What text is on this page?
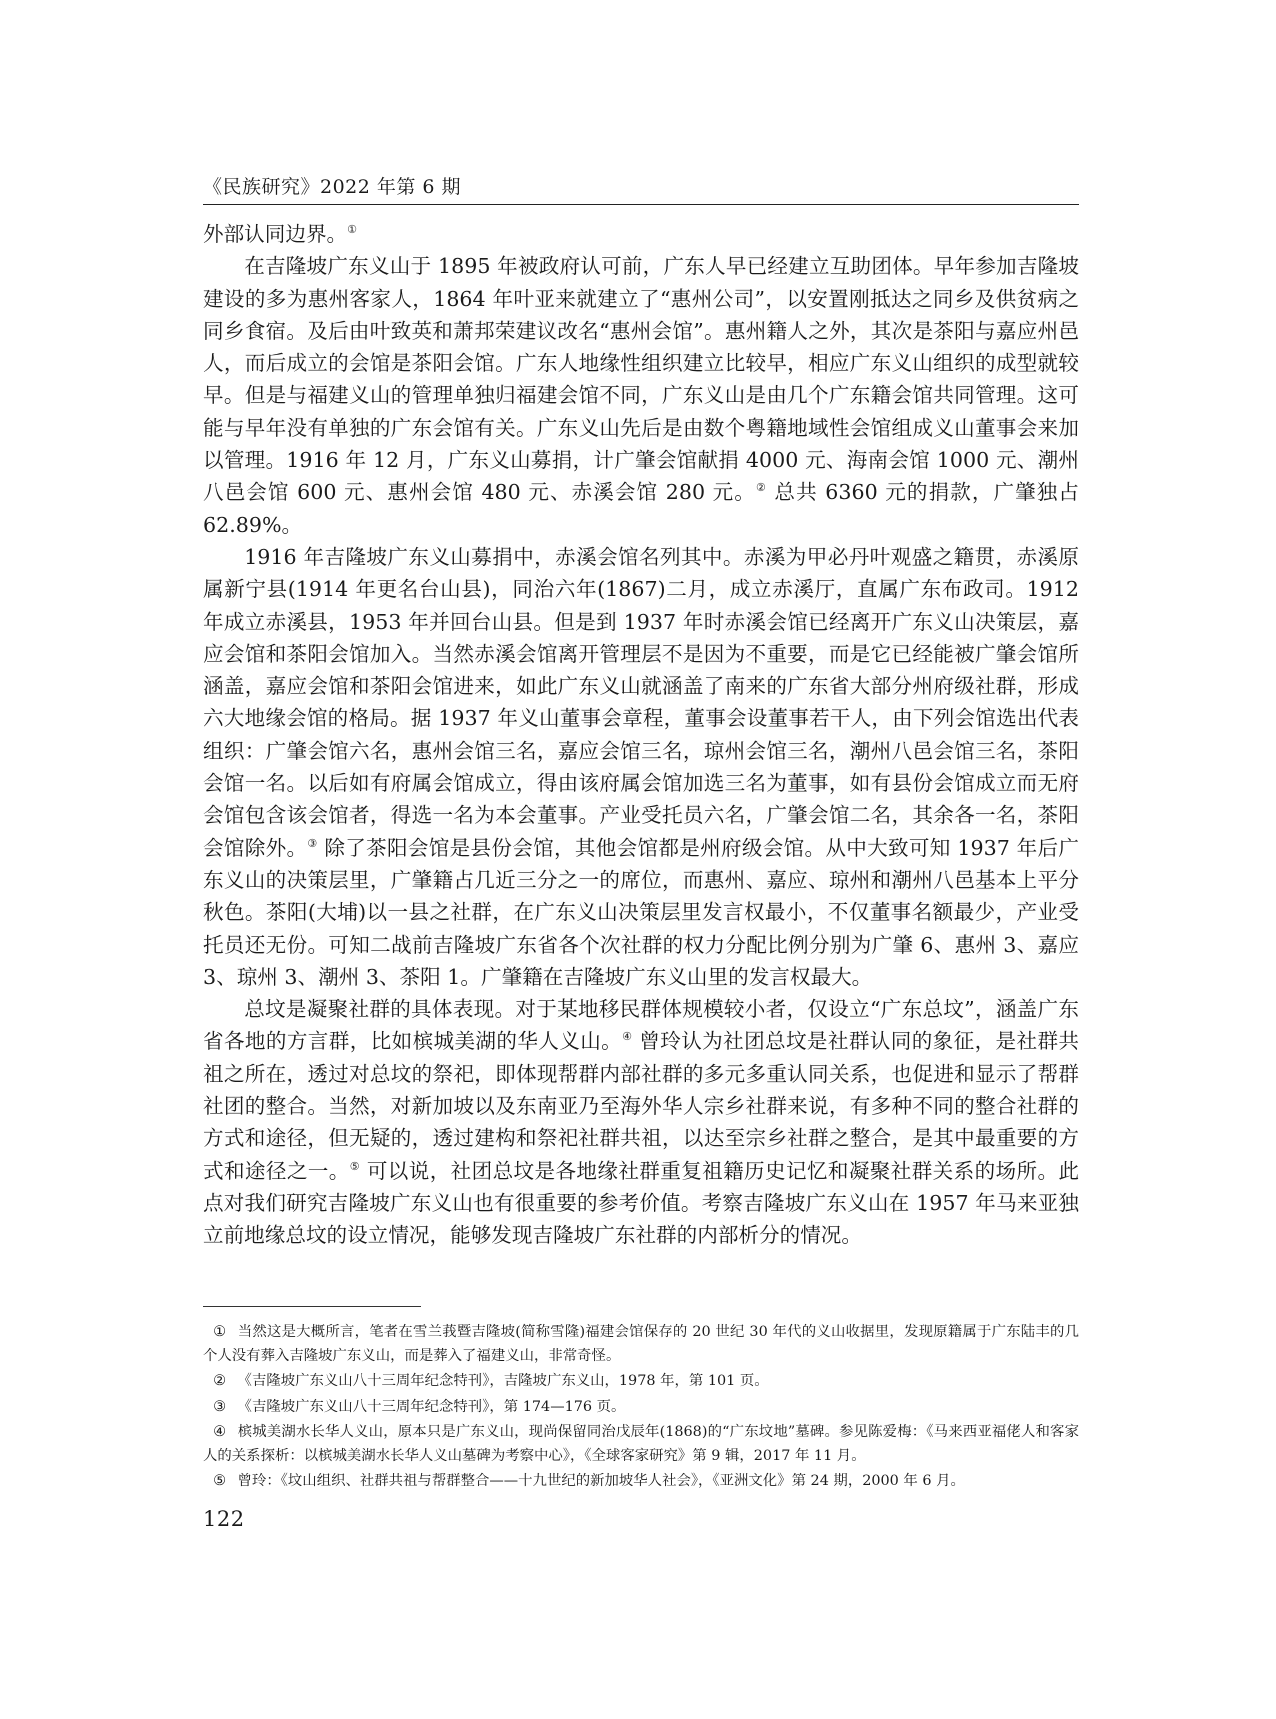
《民族研究》2022 年第 6 期

外部认同边界。①

在吉隆坡广东义山于 1895 年被政府认可前，广东人早已经建立互助团体。早年参加吉隆坡建设的多为惠州客家人，1864 年叶亚来就建立了“惠州公司”，以安置刚抵达之同乡及供贫病之同乡食宿。及后由叶致英和萧邦荣建议改名“惠州会馆”。惠州籍人之外，其次是茶阳与嘉应州邑人，而后成立的会馆是茶阳会馆。广东人地缘性组织建立比较早，相应广东义山组织的成型就较早。但是与福建义山的管理单独归福建会馆不同，广东义山是由几个广东籍会馆共同管理。这可能与早年没有单独的广东会馆有关。广东义山先后是由数个粤籍地域性会馆组成义山董事会来加以管理。1916 年 12 月，广东义山募捐，计广肇会馆献捐 4000 元、海南会馆 1000 元、潮州八邑会馆 600 元、惠州会馆 480 元、赤溪会馆 280 元。② 总共 6360 元的捐款，广肇独占 62.89%。

1916 年吉隆坡广东义山募捐中，赤溪会馆名列其中。赤溪为甲必丹叶观盛之籍贯，赤溪原属新宁县(1914 年更名台山县)，同治六年(1867)二月，成立赤溪厅，直属广东布政司。1912 年成立赤溪县，1953 年并回台山县。但是到 1937 年时赤溪会馆已经离开广东义山决策层，嘉应会馆和茶阳会馆加入。当然赤溪会馆离开管理层不是因为不重要，而是它已经能被广肇会馆所涵盖，嘉应会馆和茶阳会馆进来，如此广东义山就涵盖了南来的广东省大部分州府级社群，形成六大地缘会馆的格局。据 1937 年义山董事会章程，董事会设董事若干人，由下列会馆选出代表组织：广肇会馆六名，惠州会馆三名，嘉应会馆三名，琼州会馆三名，潮州八邑会馆三名，茶阳会馆一名。以后如有府属会馆成立，得由该府属会馆加选三名为董事，如有县份会馆成立而无府会馆包含该会馆者，得选一名为本会董事。产业受托员六名，广肇会馆二名，其余各一名，茶阳会馆除外。③ 除了茶阳会馆是县份会馆，其他会馆都是州府级会馆。从中大致可知 1937 年后广东义山的决策层里，广肇籍占几近三分之一的席位，而惠州、嘉应、琼州和潮州八邑基本上平分秋色。茶阳(大埔)以一县之社群，在广东义山决策层里发言权最小，不仅董事名额最少，产业受托员还无份。可知二战前吉隆坡广东省各个次社群的权力分配比例分别为广肇 6、惠州 3、嘉应 3、琼州 3、潮州 3、茶阳 1。广肇籍在吉隆坡广东义山里的发言权最大。

总坟是凝聚社群的具体表现。对于某地移民群体规模较小者，仅设立“广东总坟”，涵盖广东省各地的方言群，比如槟城美湖的华人义山。④ 曾玲认为社团总坟是社群认同的象征，是社群共祖之所在，透过对总坟的祭祀，即体现帮群内部社群的多元多重认同关系，也促进和显示了帮群社团的整合。当然，对新加坡以及东南亚乃至海外华人宗乡社群来说，有多种不同的整合社群的方式和途径，但无疑的，透过建构和祭祀社群共祖，以达至宗乡社群之整合，是其中最重要的方式和途径之一。⑤ 可以说，社团总坟是各地缘社群重复祖籍历史记忆和凝聚社群关系的场所。此点对我们研究吉隆坡广东义山也有很重要的参考价值。考察吉隆坡广东义山在 1957 年马来亚独立前地缘总坟的设立情况，能够发现吉隆坡广东社群的内部析分的情况。

① 当然这是大概所言，笔者在雪兰莪暨吉隆坡(简称雪隆)福建会馆保存的 20 世纪 30 年代的义山收据里，发现原籍属于广东陆丰的几个人没有葬入吉隆坡广东义山，而是葬入了福建义山，非常奇怪。

② 《吉隆坡广东义山八十三周年纪念特刊》，吉隆坡广东义山，1978 年，第 101 页。

③ 《吉隆坡广东义山八十三周年纪念特刊》，第 174—176 页。

④ 槟城美湖水长华人义山，原本只是广东义山，现尚保留同治戊辰年(1868)的“广东坟地”墓碑。参见陈爱梅：《马来西亚福佬人和客家人的关系探析：以槟城美湖水长华人义山墓碑为考察中心》，《全球客家研究》第 9 辑，2017 年 11 月。

⑤ 曾玲：《坟山组织、社群共祖与帮群整合——十九世纪的新加坡华人社会》，《亚洲文化》第 24 期，2000 年 6 月。

122
